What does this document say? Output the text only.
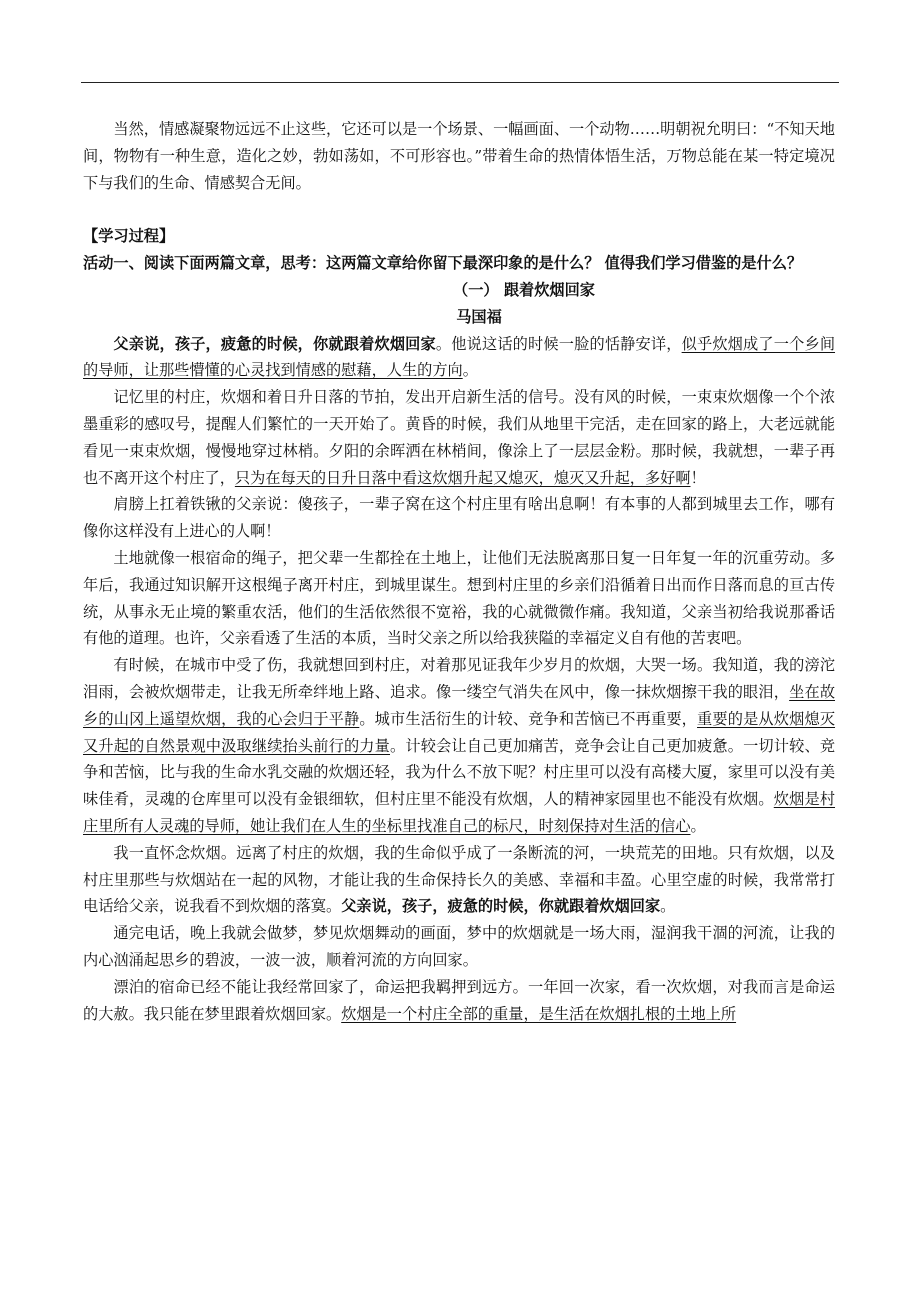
当然，情感凝聚物远远不止这些，它还可以是一个场景、一幅画面、一个动物……明朝祝允明曰：“不知天地间，物物有一种生意，造化之妙，勃如荡如，不可形容也。”带着生命的热情体悟生活，万物总能在某一特定境况下与我们的生命、情感契合无间。

【学习过程】

活动一、阅读下面两篇文章，思考：这两篇文章给你留下最深印象的是什么？ 值得我们学习借鉴的是什么？

（一） 跟着炊烟回家

马国福

父亲说，孩子，疲惫的时候，你就跟着炊烟回家。他说这话的时候一脸的恬静安详，似乎炊烟成了一个乡间的导师，让那些懵懂的心灵找到情感的慰藉，人生的方向。

记忆里的村庄，炊烟和着日升日落的节拍，发出开启新生活的信号。没有风的时候，一束束炊烟像一个个浓墨重彩的感叹号，提醒人们繁忙的一天开始了。黄昏的时候，我们从地里干完活，走在回家的路上，大老远就能看见一束束炊烟，慢慢地穿过林梢。夕阳的余晖洒在林梢间，像涂上了一层层金粉。那时候，我就想，一辈子再也不离开这个村庄了，只为在每天的日升日落中看这炊烟升起又熄灭，熄灭又升起，多好啊！

肩膀上扛着铁锹的父亲说：傻孩子，一辈子窝在这个村庄里有啥出息啊！有本事的人都到城里去工作，哪有像你这样没有上进心的人啊！

土地就像一根宿命的绳子，把父辈一生都拴在土地上，让他们无法脱离那日复一日年复一年的沉重劳动。多年后，我通过知识解开这根绳子离开村庄，到城里谋生。想到村庄里的乡亲们沿循着日出而作日落而息的亘古传统，从事永无止境的繁重农活，他们的生活依然很不宽裕，我的心就微微作痛。我知道，父亲当初给我说那番话有他的道理。也许，父亲看透了生活的本质，当时父亲之所以给我狭隘的幸福定义自有他的苦衷吧。

有时候，在城市中受了伤，我就想回到村庄，对着那见证我年少岁月的炊烟，大哭一场。我知道，我的滂沱泪雨，会被炊烟带走，让我无所牵绊地上路、追求。像一缕空气消失在风中，像一抹炊烟擦干我的眼泪，坐在故乡的山冈上遥望炊烟，我的心会归于平静。城市生活衍生的计较、竞争和苦恼已不再重要，重要的是从炊烟熄灭又升起的自然景观中汲取继续抬头前行的力量。计较会让自己更加痛苦，竞争会让自己更加疲惫。一切计较、竞争和苦恼，比与我的生命水乳交融的炊烟还轻，我为什么不放下呢？村庄里可以没有高楼大厦，家里可以没有美味佳肴，灵魂的仓库里可以没有金银细软，但村庄里不能没有炊烟，人的精神家园里也不能没有炊烟。炊烟是村庄里所有人灵魂的导师，她让我们在人生的坐标里找准自己的标尺，时刻保持对生活的信心。

我一直怀念炊烟。远离了村庄的炊烟，我的生命似乎成了一条断流的河，一块荒芜的田地。只有炊烟，以及村庄里那些与炊烟站在一起的风物，才能让我的生命保持长久的美感、幸福和丰盈。心里空虚的时候，我常常打电话给父亲，说我看不到炊烟的落寞。父亲说，孩子，疲惫的时候，你就跟着炊烟回家。

通完电话，晚上我就会做梦，梦见炊烟舞动的画面，梦中的炊烟就是一场大雨，湿润我干涸的河流，让我的内心汹涌起思乡的碧波，一波一波，顺着河流的方向回家。

漂泊的宿命已经不能让我经常回家了，命运把我羁押到远方。一年回一次家，看一次炊烟，对我而言是命运的大赦。我只能在梦里跟着炊烟回家。炊烟是一个村庄全部的重量，是生活在炊烟扎根的土地上所
